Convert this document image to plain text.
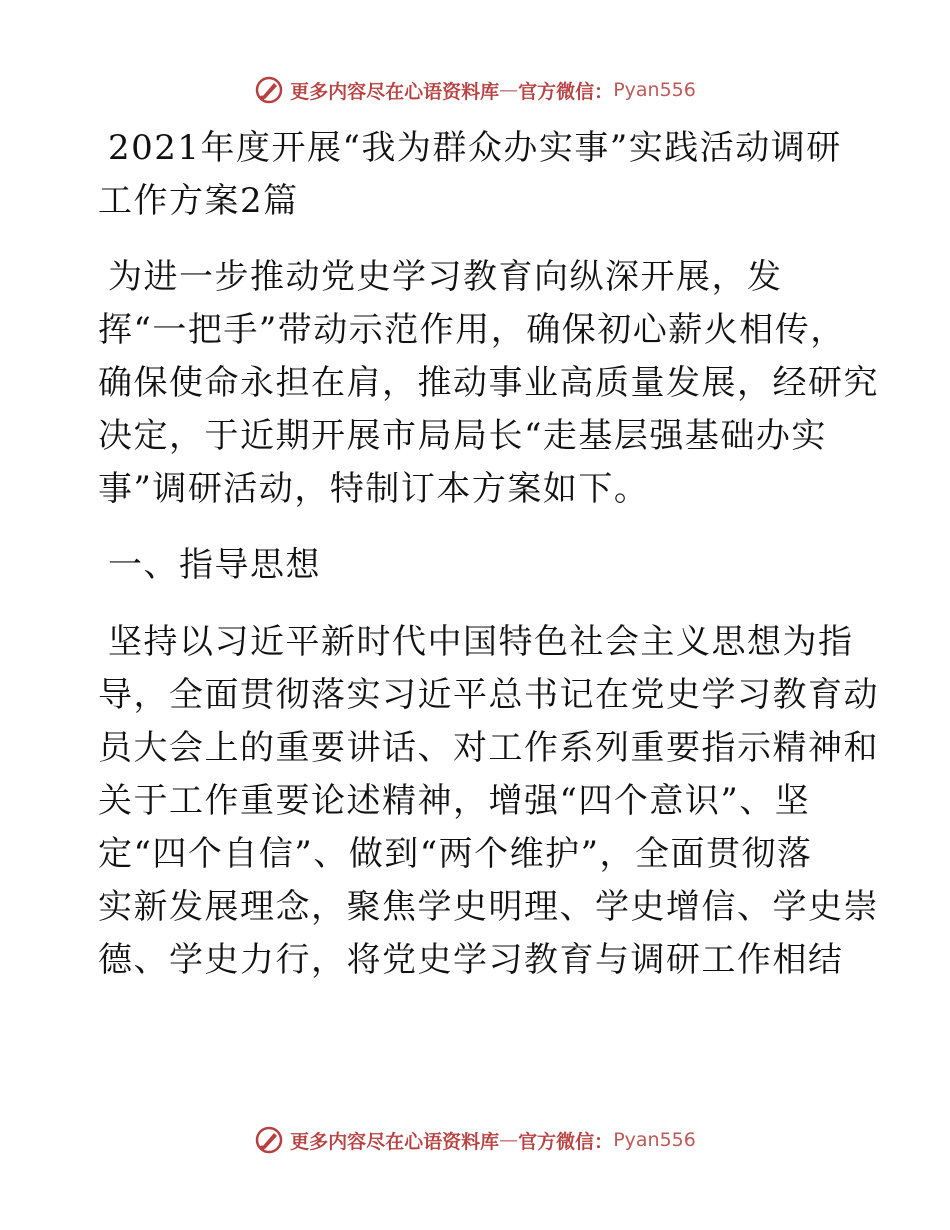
更多内容尽在心语资料库 — 官方微信： Pyan556
2021年度开展“我为群众办实事”实践活动调研
工作方案2篇
为进一步推动党史学习教育向纵深开展，发
挥“一把手”带动示范作用，确保初心薪火相传，
确保使命永担在肩，推动事业高质量发展，经研究
决定，于近期开展市局局长“走基层强基础办实
事”调研活动，特制订本方案如下。
一、指导思想
坚持以习近平新时代中国特色社会主义思想为指
导，全面贯彻落实习近平总书记在党史学习教育动
员大会上的重要讲话、对工作系列重要指示精神和
关于工作重要论述精神，增强“四个意识”、坚
定“四个自信”、做到“两个维护”，全面贯彻落
实新发展理念，聚焦学史明理、学史增信、学史崇
德、学史力行，将党史学习教育与调研工作相结
更多内容尽在心语资料库 — 官方微信： Pyan556
